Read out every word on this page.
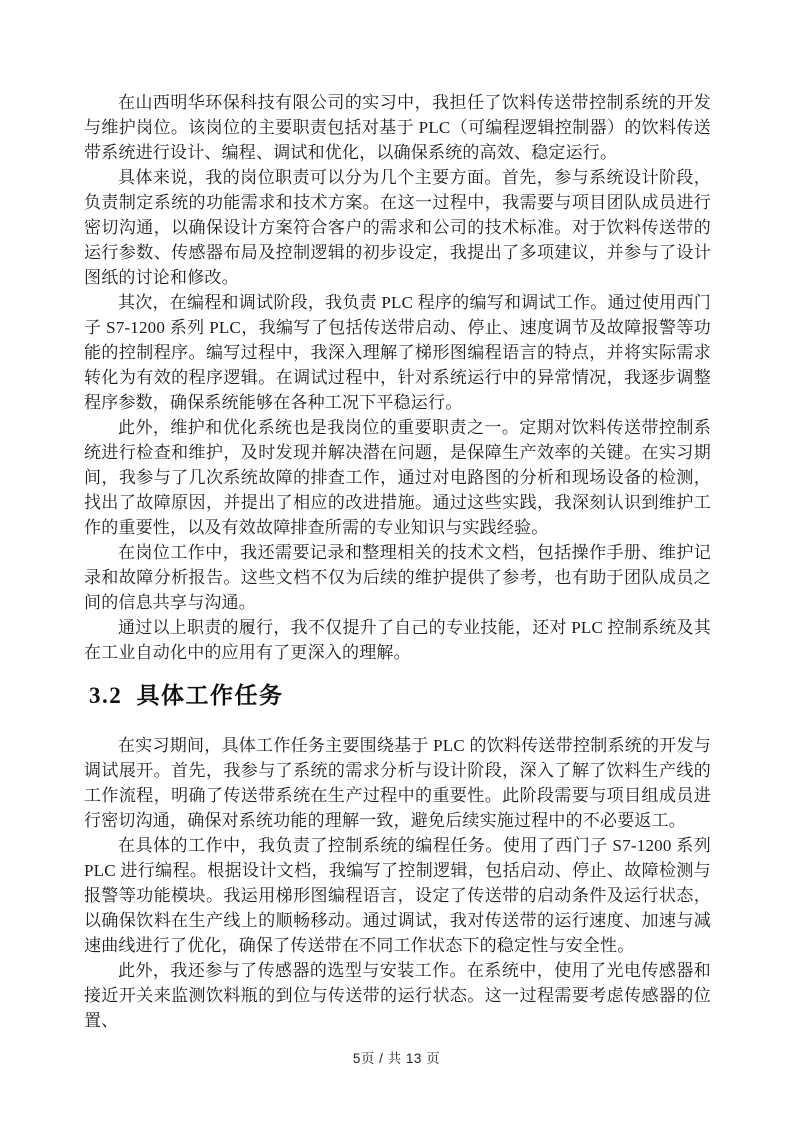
在山西明华环保科技有限公司的实习中，我担任了饮料传送带控制系统的开发与维护岗位。该岗位的主要职责包括对基于 PLC（可编程逻辑控制器）的饮料传送带系统进行设计、编程、调试和优化，以确保系统的高效、稳定运行。

具体来说，我的岗位职责可以分为几个主要方面。首先，参与系统设计阶段，负责制定系统的功能需求和技术方案。在这一过程中，我需要与项目团队成员进行密切沟通，以确保设计方案符合客户的需求和公司的技术标准。对于饮料传送带的运行参数、传感器布局及控制逻辑的初步设定，我提出了多项建议，并参与了设计图纸的讨论和修改。

其次，在编程和调试阶段，我负责 PLC 程序的编写和调试工作。通过使用西门子 S7-1200 系列 PLC，我编写了包括传送带启动、停止、速度调节及故障报警等功能的控制程序。编写过程中，我深入理解了梯形图编程语言的特点，并将实际需求转化为有效的程序逻辑。在调试过程中，针对系统运行中的异常情况，我逐步调整程序参数，确保系统能够在各种工况下平稳运行。

此外，维护和优化系统也是我岗位的重要职责之一。定期对饮料传送带控制系统进行检查和维护，及时发现并解决潜在问题，是保障生产效率的关键。在实习期间，我参与了几次系统故障的排查工作，通过对电路图的分析和现场设备的检测，找出了故障原因，并提出了相应的改进措施。通过这些实践，我深刻认识到维护工作的重要性，以及有效故障排查所需的专业知识与实践经验。

在岗位工作中，我还需要记录和整理相关的技术文档，包括操作手册、维护记录和故障分析报告。这些文档不仅为后续的维护提供了参考，也有助于团队成员之间的信息共享与沟通。

通过以上职责的履行，我不仅提升了自己的专业技能，还对 PLC 控制系统及其在工业自动化中的应用有了更深入的理解。

3.2 具体工作任务

在实习期间，具体工作任务主要围绕基于 PLC 的饮料传送带控制系统的开发与调试展开。首先，我参与了系统的需求分析与设计阶段，深入了解了饮料生产线的工作流程，明确了传送带系统在生产过程中的重要性。此阶段需要与项目组成员进行密切沟通，确保对系统功能的理解一致，避免后续实施过程中的不必要返工。

在具体的工作中，我负责了控制系统的编程任务。使用了西门子 S7-1200 系列 PLC 进行编程。根据设计文档，我编写了控制逻辑，包括启动、停止、故障检测与报警等功能模块。我运用梯形图编程语言，设定了传送带的启动条件及运行状态，以确保饮料在生产线上的顺畅移动。通过调试，我对传送带的运行速度、加速与减速曲线进行了优化，确保了传送带在不同工作状态下的稳定性与安全性。

此外，我还参与了传感器的选型与安装工作。在系统中，使用了光电传感器和接近开关来监测饮料瓶的到位与传送带的运行状态。这一过程需要考虑传感器的位置、

5页 / 共 13 页
